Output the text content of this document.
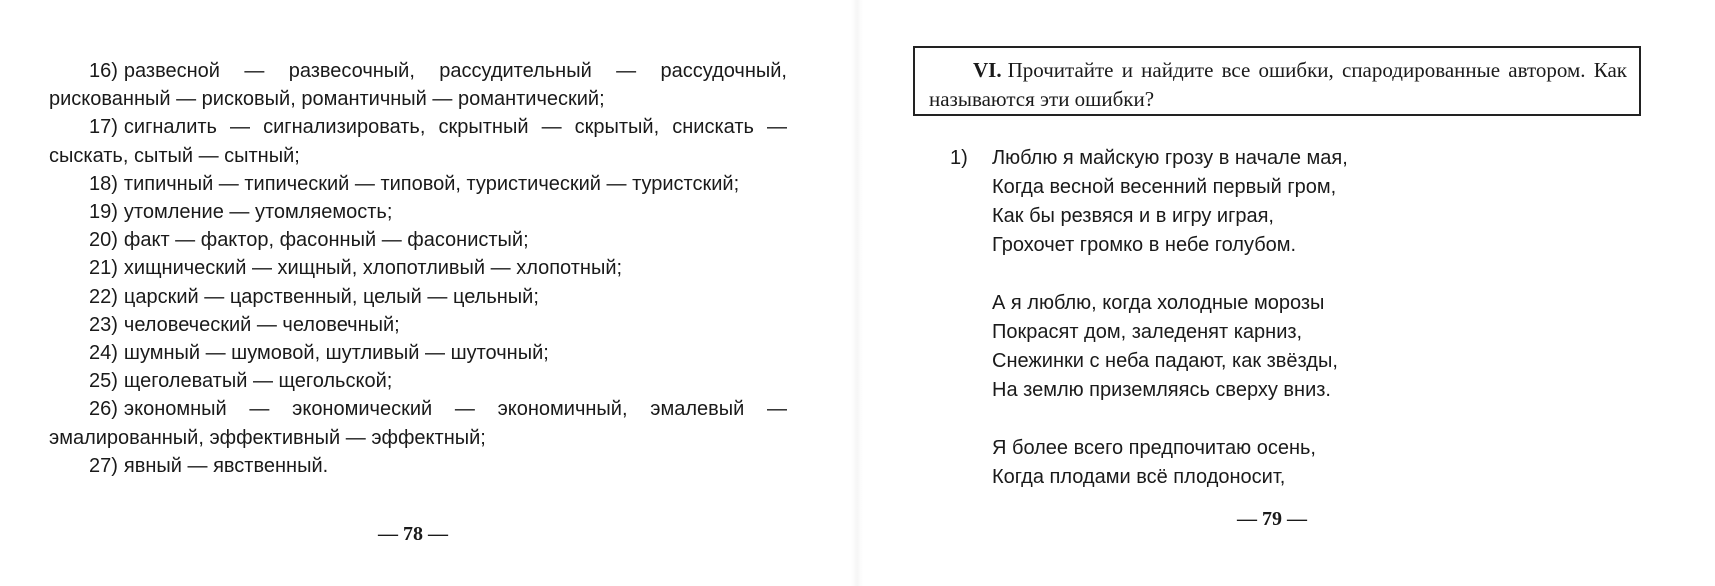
16) развесной — развесочный, рассудительный — рассудочный, рискованный — рисковый, романтичный — романтический;

17) сигналить — сигнализировать, скрытный — скрытый, снискать — сыскать, сытый — сытный;

18) типичный — типический — типовой, туристический — туристский;

19) утомление — утомляемость;

20) факт — фактор, фасонный — фасонистый;

21) хищнический — хищный, хлопотливый — хлопотный;

22) царский — царственный, целый — цельный;

23) человеческий — человечный;

24) шумный — шумовой, шутливый — шуточный;

25) щеголеватый — щегольской;

26) экономный — экономический — экономичный, эмалевый — эмалированный, эффективный — эффектный;

27) явный — явственный.

— 78 —

VI. Прочитайте и найдите все ошибки, спародированные автором. Как называются эти ошибки?

1) Люблю я майскую грозу в начале мая,
Когда весной весенний первый гром,
Как бы резвяся и в игру играя,
Грохочет громко в небе голубом.
А я люблю, когда холодные морозы
Покрасят дом, заледенят карниз,
Снежинки с неба падают, как звёзды,
На землю приземляясь сверху вниз.
Я более всего предпочитаю осень,
Когда плодами всё плодоносит,
— 79 —
